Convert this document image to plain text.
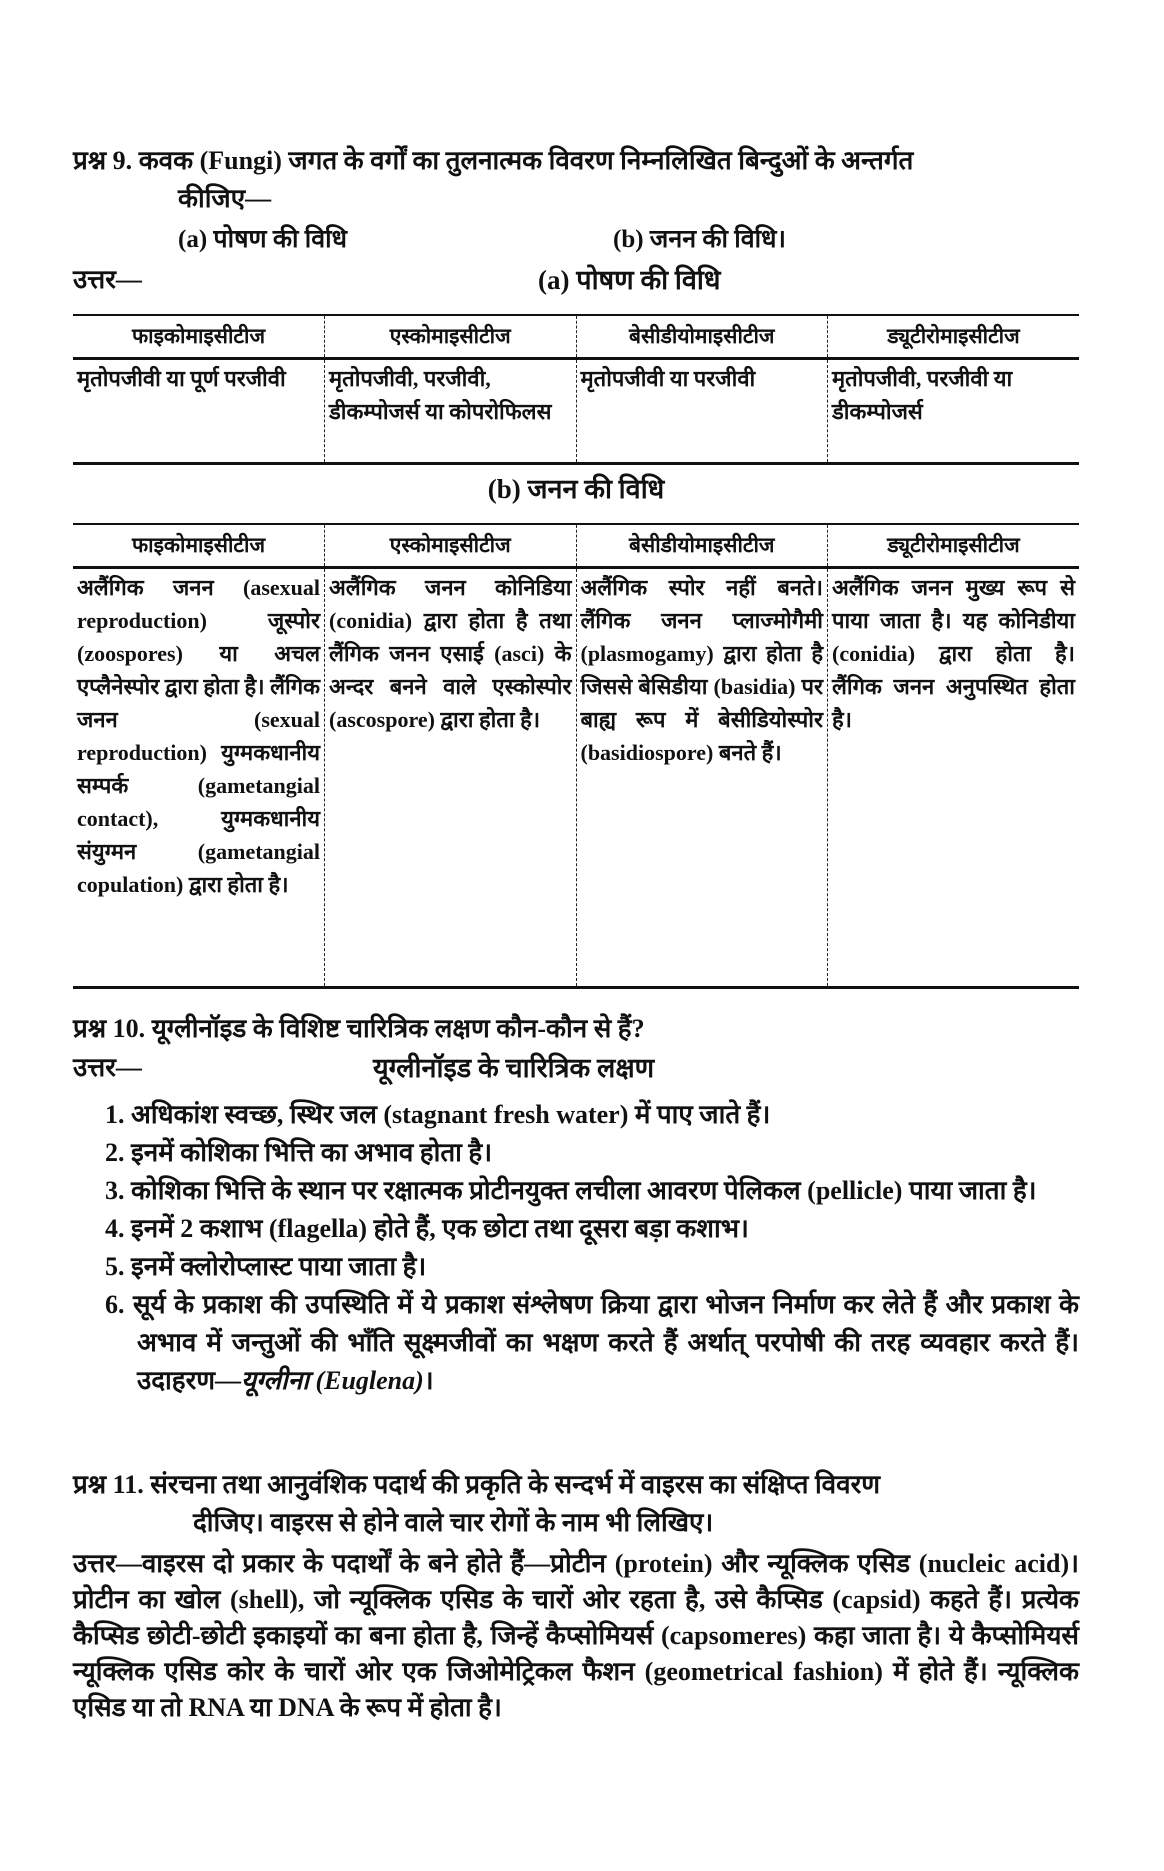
प्रश्न 9. कवक (Fungi) जगत के वर्गों का तुलनात्मक विवरण निम्नलिखित बिन्दुओं के अन्तर्गत
कीजिए—
(a) पोषण की विधि	(b) जनन की विधि।
उत्तर—	(a) पोषण की विधि
फाइकोमाइसीटीज	एस्कोमाइसीटीज	बेसीडीयोमाइसीटीज	ड्यूटीरोमाइसीटीज
मृतोपजीवी या पूर्ण परजीवी	मृतोपजीवी, परजीवी, डीकम्पोजर्स या कोपरोफिलस	मृतोपजीवी या परजीवी	मृतोपजीवी, परजीवी या डीकम्पोजर्स
(b) जनन की विधि
फाइकोमाइसीटीज	एस्कोमाइसीटीज	बेसीडीयोमाइसीटीज	ड्यूटीरोमाइसीटीज
अलैंगिक जनन (asexual reproduction) जूस्पोर (zoospores) या अचल एप्लैनेस्पोर द्वारा होता है। लैंगिक जनन (sexual reproduction) युग्मकधानीय सम्पर्क (gametangial contact), युग्मकधानीय संयुग्मन (gametangial copulation) द्वारा होता है।	अलैंगिक जनन कोनिडिया (conidia) द्वारा होता है तथा लैंगिक जनन एसाई (asci) के अन्दर बनने वाले एस्कोस्पोर (ascospore) द्वारा होता है।	अलैंगिक स्पोर नहीं बनते। लैंगिक जनन प्लाज्मोगैमी (plasmogamy) द्वारा होता है जिससे बेसिडीया (basidia) पर बाह्य रूप में बेसीडियोस्पोर (basidiospore) बनते हैं।	अलैंगिक जनन मुख्य रूप से पाया जाता है। यह कोनिडीया (conidia) द्वारा होता है। लैंगिक जनन अनुपस्थित होता है।
प्रश्न 10. यूग्लीनॉइड के विशिष्ट चारित्रिक लक्षण कौन-कौन से हैं?
उत्तर—	यूग्लीनॉइड के चारित्रिक लक्षण
1. अधिकांश स्वच्छ, स्थिर जल (stagnant fresh water) में पाए जाते हैं।
2. इनमें कोशिका भित्ति का अभाव होता है।
3. कोशिका भित्ति के स्थान पर रक्षात्मक प्रोटीनयुक्त लचीला आवरण पेलिकल (pellicle) पाया जाता है।
4. इनमें 2 कशाभ (flagella) होते हैं, एक छोटा तथा दूसरा बड़ा कशाभ।
5. इनमें क्लोरोप्लास्ट पाया जाता है।
6. सूर्य के प्रकाश की उपस्थिति में ये प्रकाश संश्लेषण क्रिया द्वारा भोजन निर्माण कर लेते हैं और प्रकाश के अभाव में जन्तुओं की भाँति सूक्ष्मजीवों का भक्षण करते हैं अर्थात् परपोषी की तरह व्यवहार करते हैं। उदाहरण—यूग्लीना (Euglena)।
प्रश्न 11. संरचना तथा आनुवंशिक पदार्थ की प्रकृति के सन्दर्भ में वाइरस का संक्षिप्त विवरण
दीजिए। वाइरस से होने वाले चार रोगों के नाम भी लिखिए।
उत्तर—वाइरस दो प्रकार के पदार्थों के बने होते हैं—प्रोटीन (protein) और न्यूक्लिक एसिड (nucleic acid)। प्रोटीन का खोल (shell), जो न्यूक्लिक एसिड के चारों ओर रहता है, उसे कैप्सिड (capsid) कहते हैं। प्रत्येक कैप्सिड छोटी-छोटी इकाइयों का बना होता है, जिन्हें कैप्सोमियर्स (capsomeres) कहा जाता है। ये कैप्सोमियर्स न्यूक्लिक एसिड कोर के चारों ओर एक जिओमेट्रिकल फैशन (geometrical fashion) में होते हैं। न्यूक्लिक एसिड या तो RNA या DNA के रूप में होता है।
